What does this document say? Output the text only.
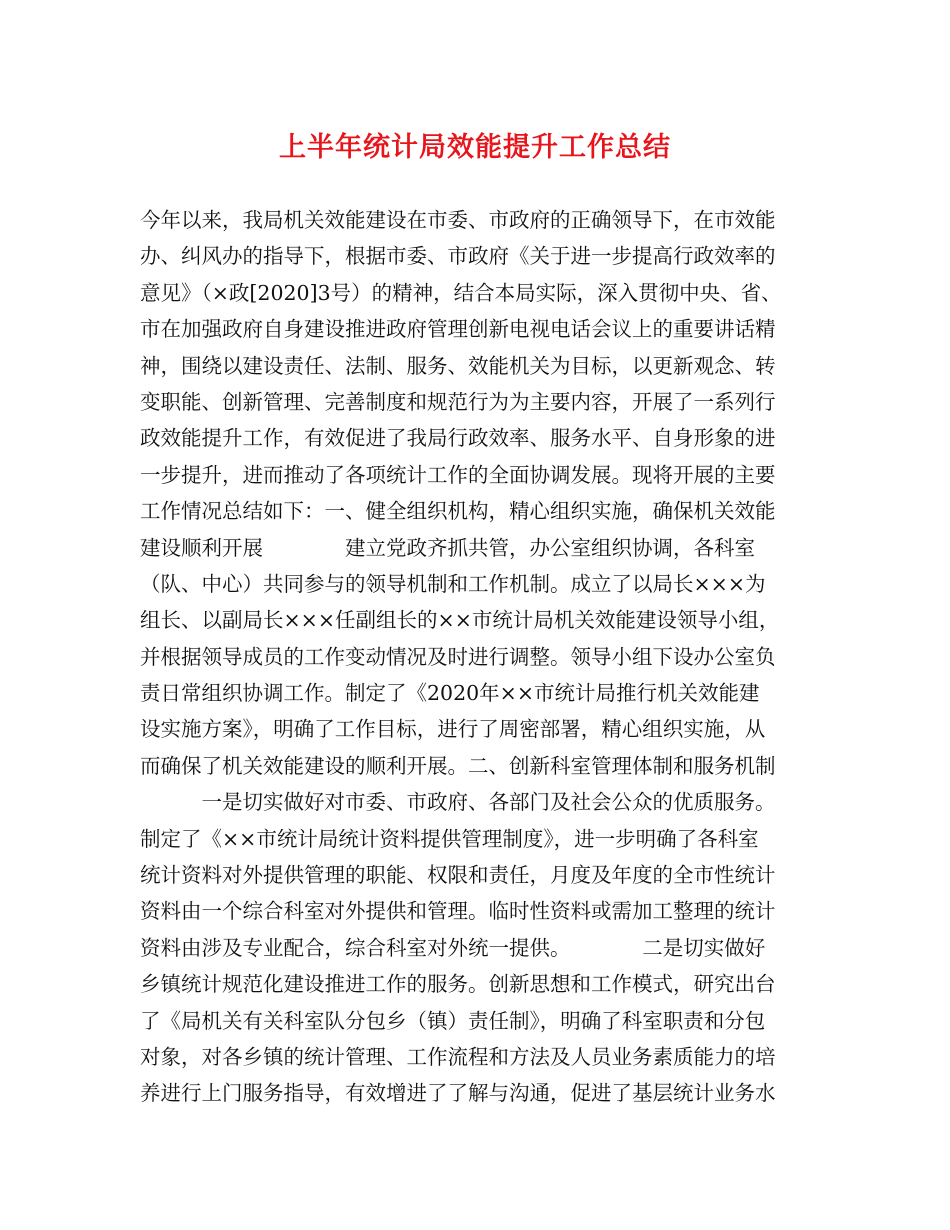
上半年统计局效能提升工作总结
今年以来，我局机关效能建设在市委、市政府的正确领导下，在市效能
办、纠风办的指导下，根据市委、市政府《关于进一步提高行政效率的
意见》（×政[2020]3号）的精神，结合本局实际，深入贯彻中央、省、
市在加强政府自身建设推进政府管理创新电视电话会议上的重要讲话精
神，围绕以建设责任、法制、服务、效能机关为目标，以更新观念、转
变职能、创新管理、完善制度和规范行为为主要内容，开展了一系列行
政效能提升工作，有效促进了我局行政效率、服务水平、自身形象的进
一步提升，进而推动了各项统计工作的全面协调发展。现将开展的主要
工作情况总结如下：一、健全组织机构，精心组织实施，确保机关效能
建设顺利开展　　　　建立党政齐抓共管，办公室组织协调，各科室
（队、中心）共同参与的领导机制和工作机制。成立了以局长×××为
组长、以副局长×××任副组长的××市统计局机关效能建设领导小组，
并根据领导成员的工作变动情况及时进行调整。领导小组下设办公室负
责日常组织协调工作。制定了《2020年××市统计局推行机关效能建
设实施方案》，明确了工作目标，进行了周密部署，精心组织实施，从
而确保了机关效能建设的顺利开展。二、创新科室管理体制和服务机制
　　　一是切实做好对市委、市政府、各部门及社会公众的优质服务。
制定了《××市统计局统计资料提供管理制度》，进一步明确了各科室
统计资料对外提供管理的职能、权限和责任，月度及年度的全市性统计
资料由一个综合科室对外提供和管理。临时性资料或需加工整理的统计
资料由涉及专业配合，综合科室对外统一提供。　　　　二是切实做好
乡镇统计规范化建设推进工作的服务。创新思想和工作模式，研究出台
了《局机关有关科室队分包乡（镇）责任制》，明确了科室职责和分包
对象，对各乡镇的统计管理、工作流程和方法及人员业务素质能力的培
养进行上门服务指导，有效增进了了解与沟通，促进了基层统计业务水
